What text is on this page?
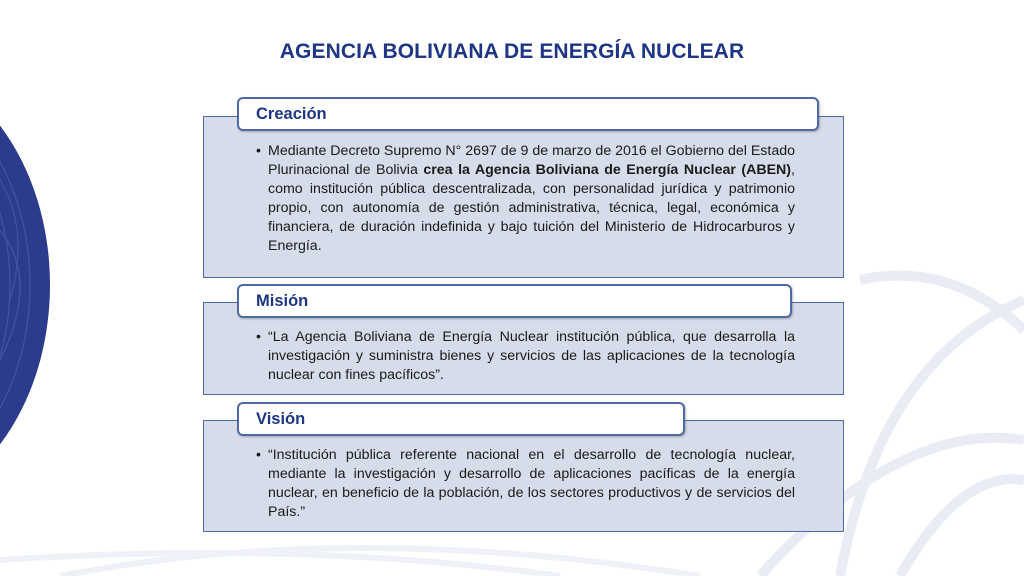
AGENCIA BOLIVIANA DE ENERGÍA NUCLEAR
Creación
• Mediante Decreto Supremo N° 2697 de 9 de marzo de 2016 el Gobierno del Estado Plurinacional de Bolivia crea la Agencia Boliviana de Energía Nuclear (ABEN), como institución pública descentralizada, con personalidad jurídica y patrimonio propio, con autonomía de gestión administrativa, técnica, legal, económica y financiera, de duración indefinida y bajo tuición del Ministerio de Hidrocarburos y Energía.
Misión
• “La Agencia Boliviana de Energía Nuclear institución pública, que desarrolla la investigación y suministra bienes y servicios de las aplicaciones de la tecnología nuclear con fines pacíficos”.
Visión
• “Institución pública referente nacional en el desarrollo de tecnología nuclear, mediante la investigación y desarrollo de aplicaciones pacíficas de la energía nuclear, en beneficio de la población, de los sectores productivos y de servicios del País.”
